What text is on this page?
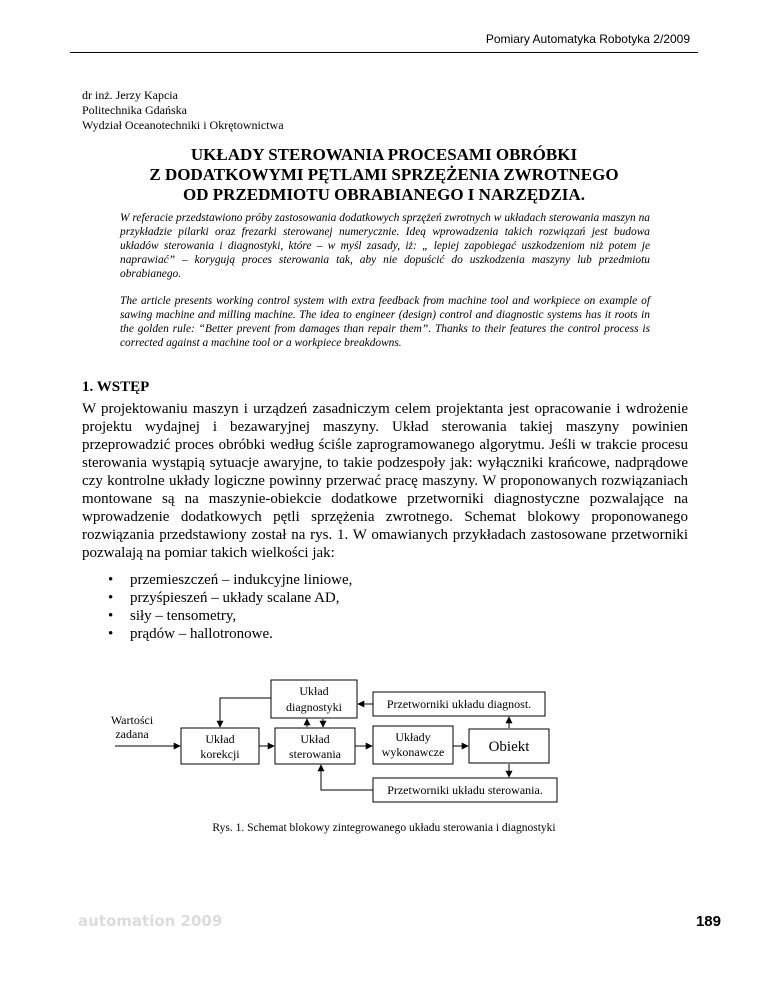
Pomiary Automatyka Robotyka 2/2009
dr inż. Jerzy Kapcia
Politechnika Gdańska
Wydział Oceanotechniki i Okrętownictwa
UKŁADY STEROWANIA PROCESAMI OBRÓBKI
Z DODATKOWYMI PĘTLAMI SPRZĘŻENIA ZWROTNEGO
OD PRZEDMIOTU OBRABIANEGO I NARZĘDZIA.
W referacie przedstawiono próby zastosowania dodatkowych sprzężeń zwrotnych w układach sterowania maszyn na przykładzie pilarki oraz frezarki sterowanej numerycznie. Ideą wprowadzenia takich rozwiązań jest budowa układów sterowania i diagnostyki, które – w myśl zasady, iż: „ lepiej zapobiegać uszkodzeniom niż potem je naprawiać” – korygują proces sterowania tak, aby nie dopuścić do uszkodzenia maszyny lub przedmiotu obrabianego.
The article presents working control system with extra feedback from machine tool and workpiece on example of sawing machine and milling machine. The idea to engineer (design) control and diagnostic systems has it roots in the golden rule: “Better prevent from damages than repair them”. Thanks to their features the control process is corrected against a machine tool or a workpiece breakdowns.
1. WSTĘP
W projektowaniu maszyn i urządzeń zasadniczym celem projektanta jest opracowanie i wdrożenie projektu wydajnej i bezawaryjnej maszyny. Układ sterowania takiej maszyny powinien przeprowadzić proces obróbki według ściśle zaprogramowanego algorytmu. Jeśli w trakcie procesu sterowania wystąpią sytuacje awaryjne, to takie podzespoły jak: wyłączniki krańcowe, nadprądowe czy kontrolne układy logiczne powinny przerwać pracę maszyny. W proponowanych rozwiązaniach montowane są na maszynie-obiekcie dodatkowe przetworniki diagnostyczne pozwalające na wprowadzenie dodatkowych pętli sprzężenia zwrotnego. Schemat blokowy proponowanego rozwiązania przedstawiony został na rys. 1. W omawianych przykładach zastosowane przetworniki pozwalają na pomiar takich wielkości jak:
• przemieszczeń – indukcyjne liniowe,
• przyśpieszeń – układy scalane AD,
• siły – tensometry,
• prądów – hallotronowe.
Układ
diagnostyki	Przetworniki układu diagnost.
Wartości
zadana	Układ
korekcji
Układ
sterowania
Układy
wykonawcze	Obiekt
Przetworniki układu sterowania.
Rys. 1. Schemat blokowy zintegrowanego układu sterowania i diagnostyki
automation 2009	189
